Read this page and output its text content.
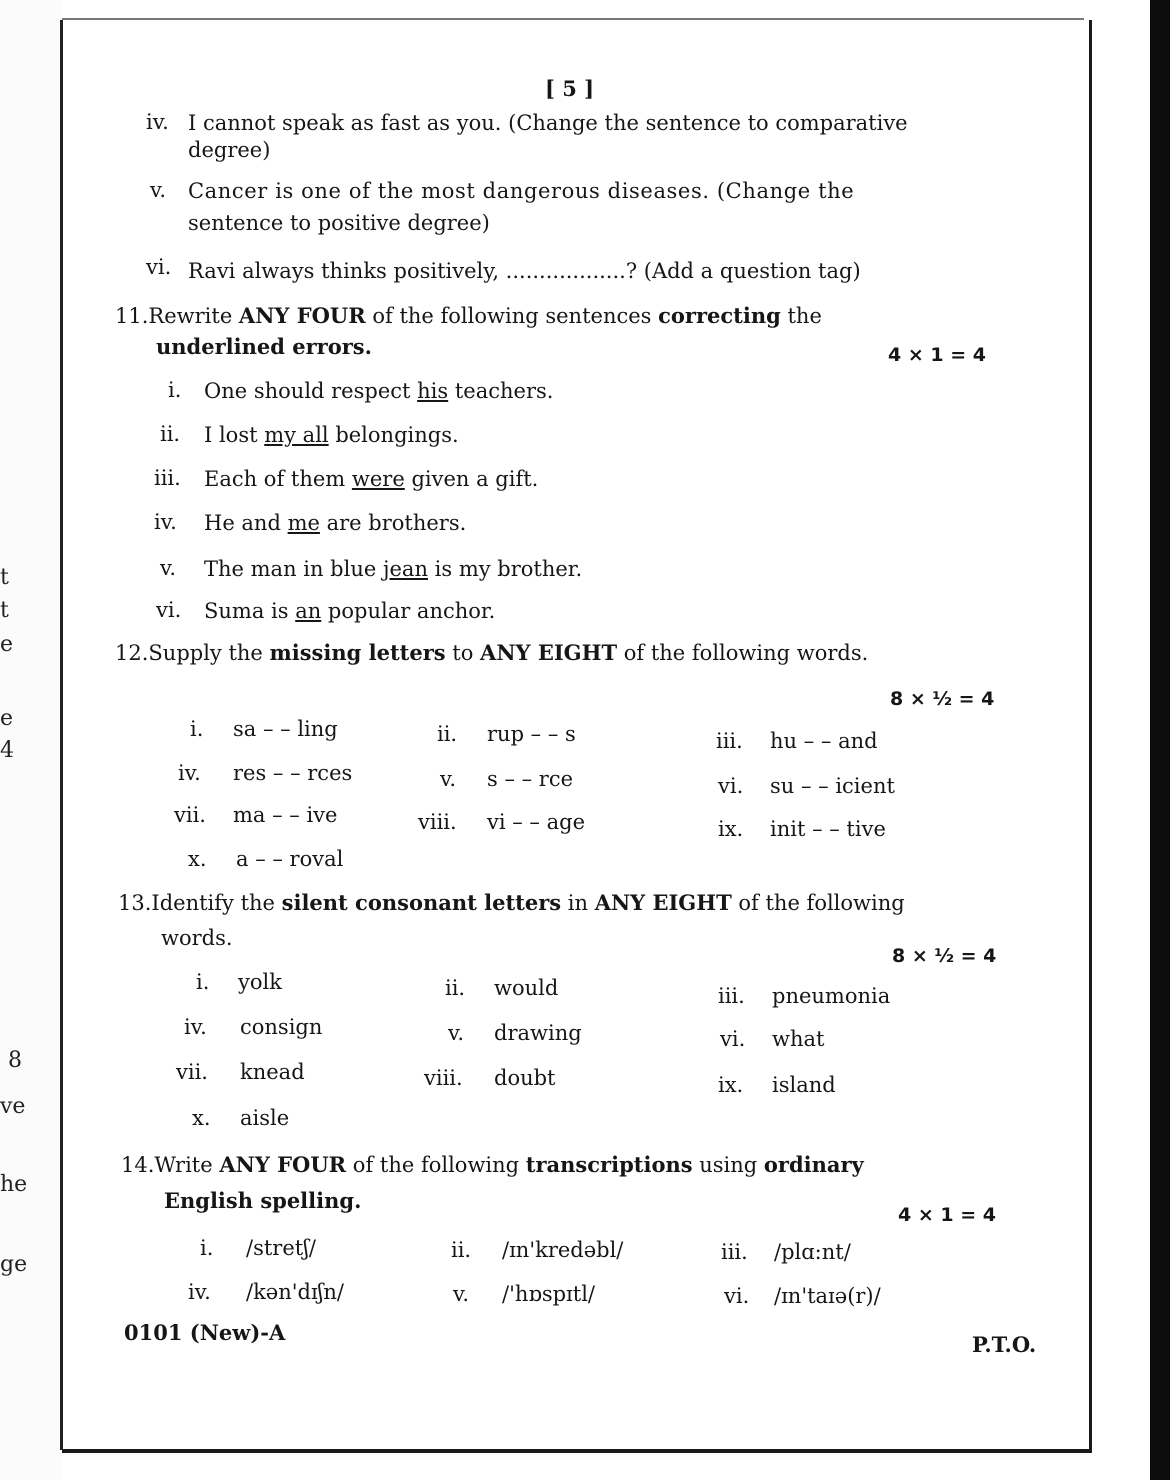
t
t
e
e
4
8
ve
he
ge
[ 5 ]
iv. I cannot speak as fast as you. (Change the sentence to comparative
degree)
v. Cancer is one of the most dangerous diseases. (Change the
sentence to positive degree)
vi. Ravi always thinks positively, ..................? (Add a question tag)
11.Rewrite ANY FOUR of the following sentences correcting the
underlined errors.	4 × 1 = 4
i. One should respect his teachers.
ii. I lost my all belongings.
iii. Each of them were given a gift.
iv. He and me are brothers.
v. The man in blue jean is my brother.
vi. Suma is an popular anchor.
12.Supply the missing letters to ANY EIGHT of the following words.
8 × ½ = 4
i. sa – – ling	ii. rup – – s	iii. hu – – and
iv. res – – rces	v. s – – rce	vi. su – – icient
vii. ma – – ive	viii. vi – – age	ix. init – – tive
x. a – – roval
13.Identify the silent consonant letters in ANY EIGHT of the following
words.
8 × ½ = 4
i. yolk	ii. would	iii. pneumonia
iv. consign	v. drawing	vi. what
vii. knead	viii. doubt	ix. island
x. aisle
14.Write ANY FOUR of the following transcriptions using ordinary
English spelling.
4 × 1 = 4
i. /stretʃ/	ii. /ɪn'kredəbl/	iii. /plɑ:nt/
iv. /kən'dɪʃn/	v. /'hɒspɪtl/	vi. /ɪn'taɪə(r)/
0101 (New)-A	P.T.O.
